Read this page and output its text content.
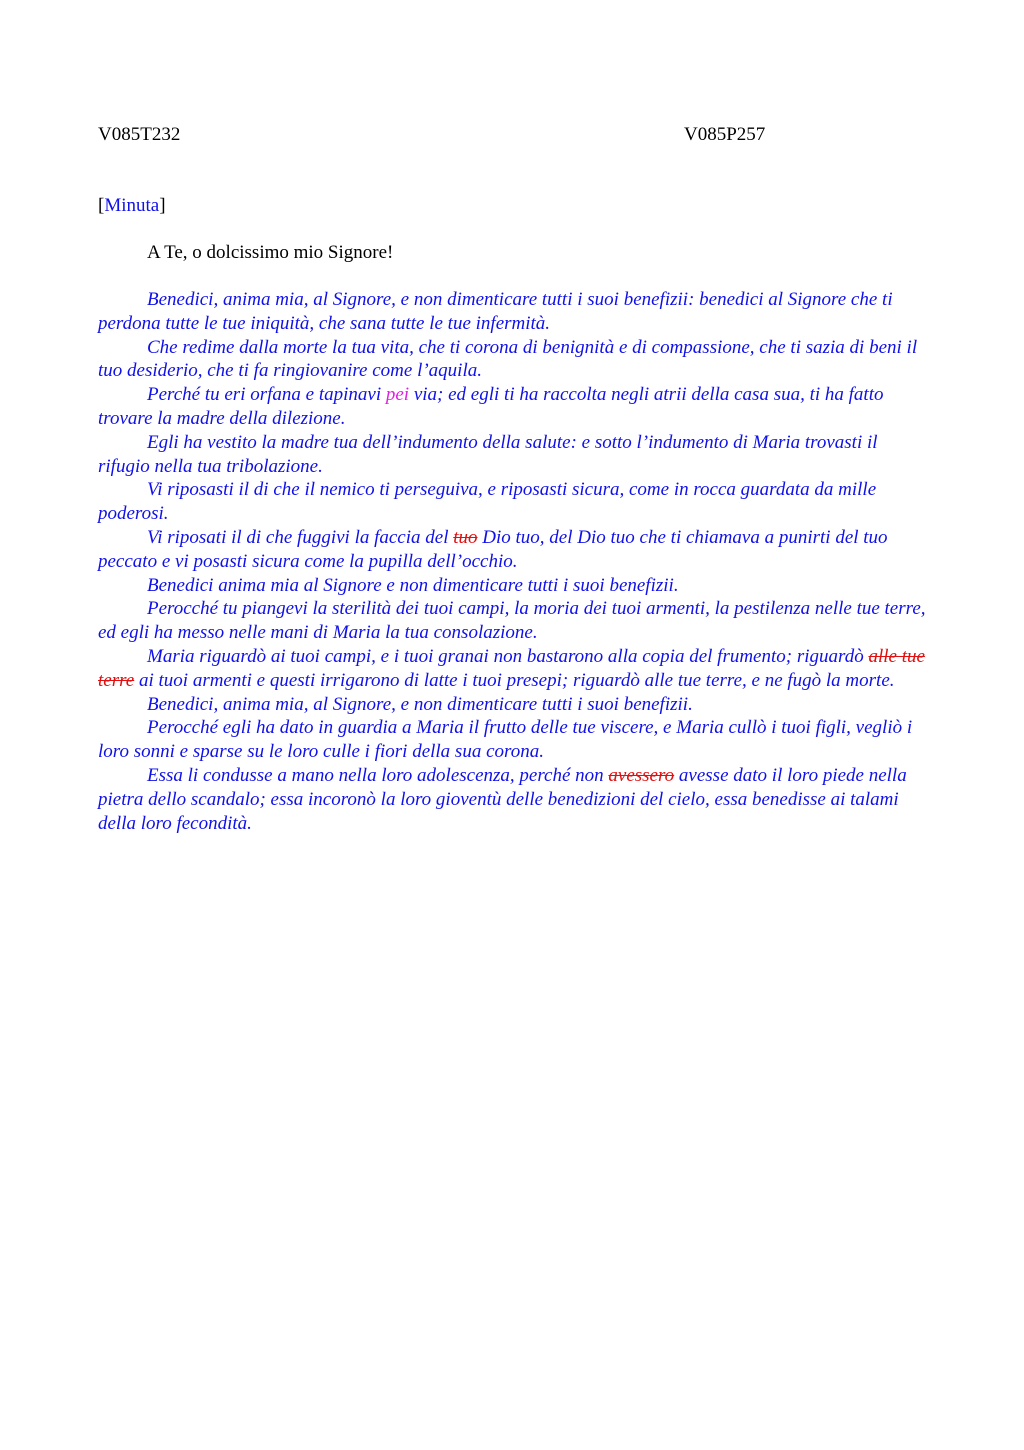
V085T232	V085P257
[Minuta]
A Te, o dolcissimo mio Signore!

Benedici, anima mia, al Signore, e non dimenticare tutti i suoi benefizii: benedici al Signore che ti perdona tutte le tue iniquità, che sana tutte le tue infermità.

Che redime dalla morte la tua vita, che ti corona di benignità e di compassione, che ti sazia di beni il tuo desiderio, che ti fa ringiovanire come l’aquila.

Perché tu eri orfana e tapinavi pei via; ed egli ti ha raccolta negli atrii della casa sua, ti ha fatto trovare la madre della dilezione.

Egli ha vestito la madre tua dell’indumento della salute: e sotto l’indumento di Maria trovasti il rifugio nella tua tribolazione.

Vi riposasti il di che il nemico ti perseguiva, e riposasti sicura, come in rocca guardata da mille poderosi.

Vi riposati il di che fuggivi la faccia del tuo Dio tuo, del Dio tuo che ti chiamava a punirti del tuo peccato e vi posasti sicura come la pupilla dell’occhio.

Benedici anima mia al Signore e non dimenticare tutti i suoi benefizii.

Perocché tu piangevi la sterilità dei tuoi campi, la moria dei tuoi armenti, la pestilenza nelle tue terre, ed egli ha messo nelle mani di Maria la tua consolazione.

Maria riguardò ai tuoi campi, e i tuoi granai non bastarono alla copia del frumento; riguardò alle tue terre ai tuoi armenti e questi irrigarono di latte i tuoi presepi; riguardò alle tue terre, e ne fugò la morte.

Benedici, anima mia, al Signore, e non dimenticare tutti i suoi benefizii.

Perocché egli ha dato in guardia a Maria il frutto delle tue viscere, e Maria cullò i tuoi figli, vegliò i loro sonni e sparse su le loro culle i fiori della sua corona.

Essa li condusse a mano nella loro adolescenza, perché non avessero avesse dato il loro piede nella pietra dello scandalo; essa incoronò la loro gioventù delle benedizioni del cielo, essa benedisse ai talami della loro fecondità.
